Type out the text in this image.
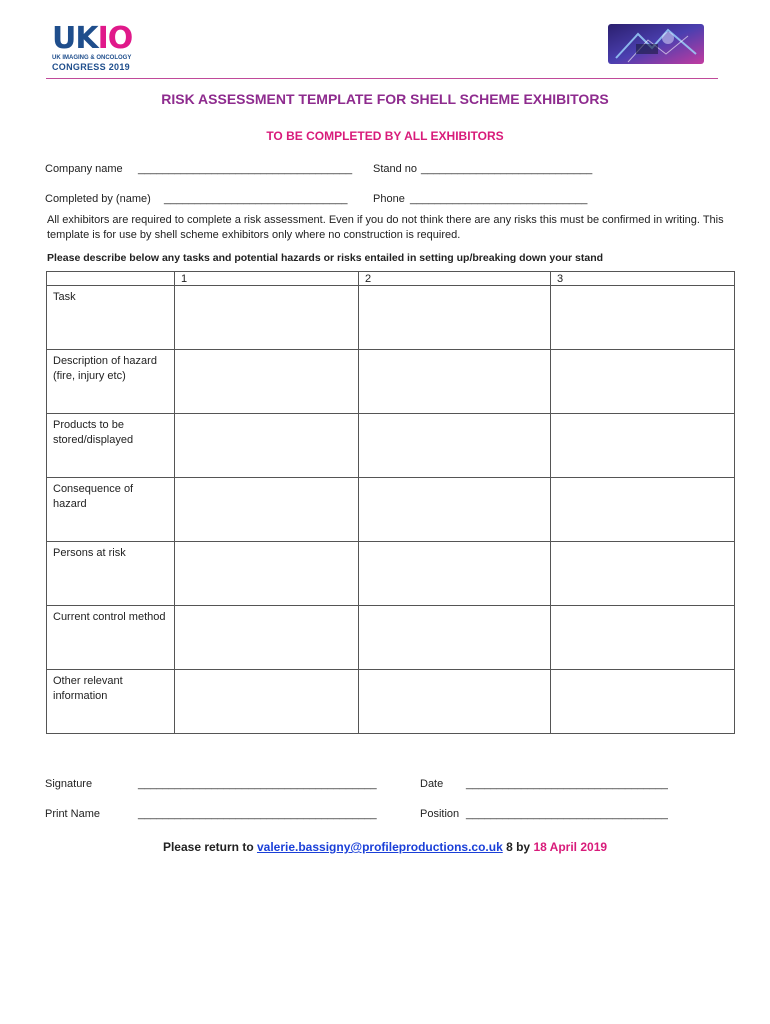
UKIO
UK IMAGING & ONCOLOGY
CONGRESS 2019
RISK ASSESSMENT TEMPLATE FOR SHELL SCHEME EXHIBITORS
TO BE COMPLETED BY ALL EXHIBITORS
Company name ___________________________________ Stand no ____________________________
Completed by (name) ______________________________ Phone _____________________________
All exhibitors are required to complete a risk assessment. Even if you do not think there are any risks this must be confirmed in writing. This template is for use by shell scheme exhibitors only where no construction is required.
Please describe below any tasks and potential hazards or risks entailed in setting up/breaking down your stand
	1	2	3
Task			
Description of hazard (fire, injury etc)			
Products to be stored/displayed			
Consequence of hazard			
Persons at risk			
Current control method			
Other relevant information			
Signature	_______________________________________	Date _________________________________
Print Name	_______________________________________	Position _________________________________
Please return to valerie.bassigny@profileproductions.co.uk 8 by 18 April 2019
